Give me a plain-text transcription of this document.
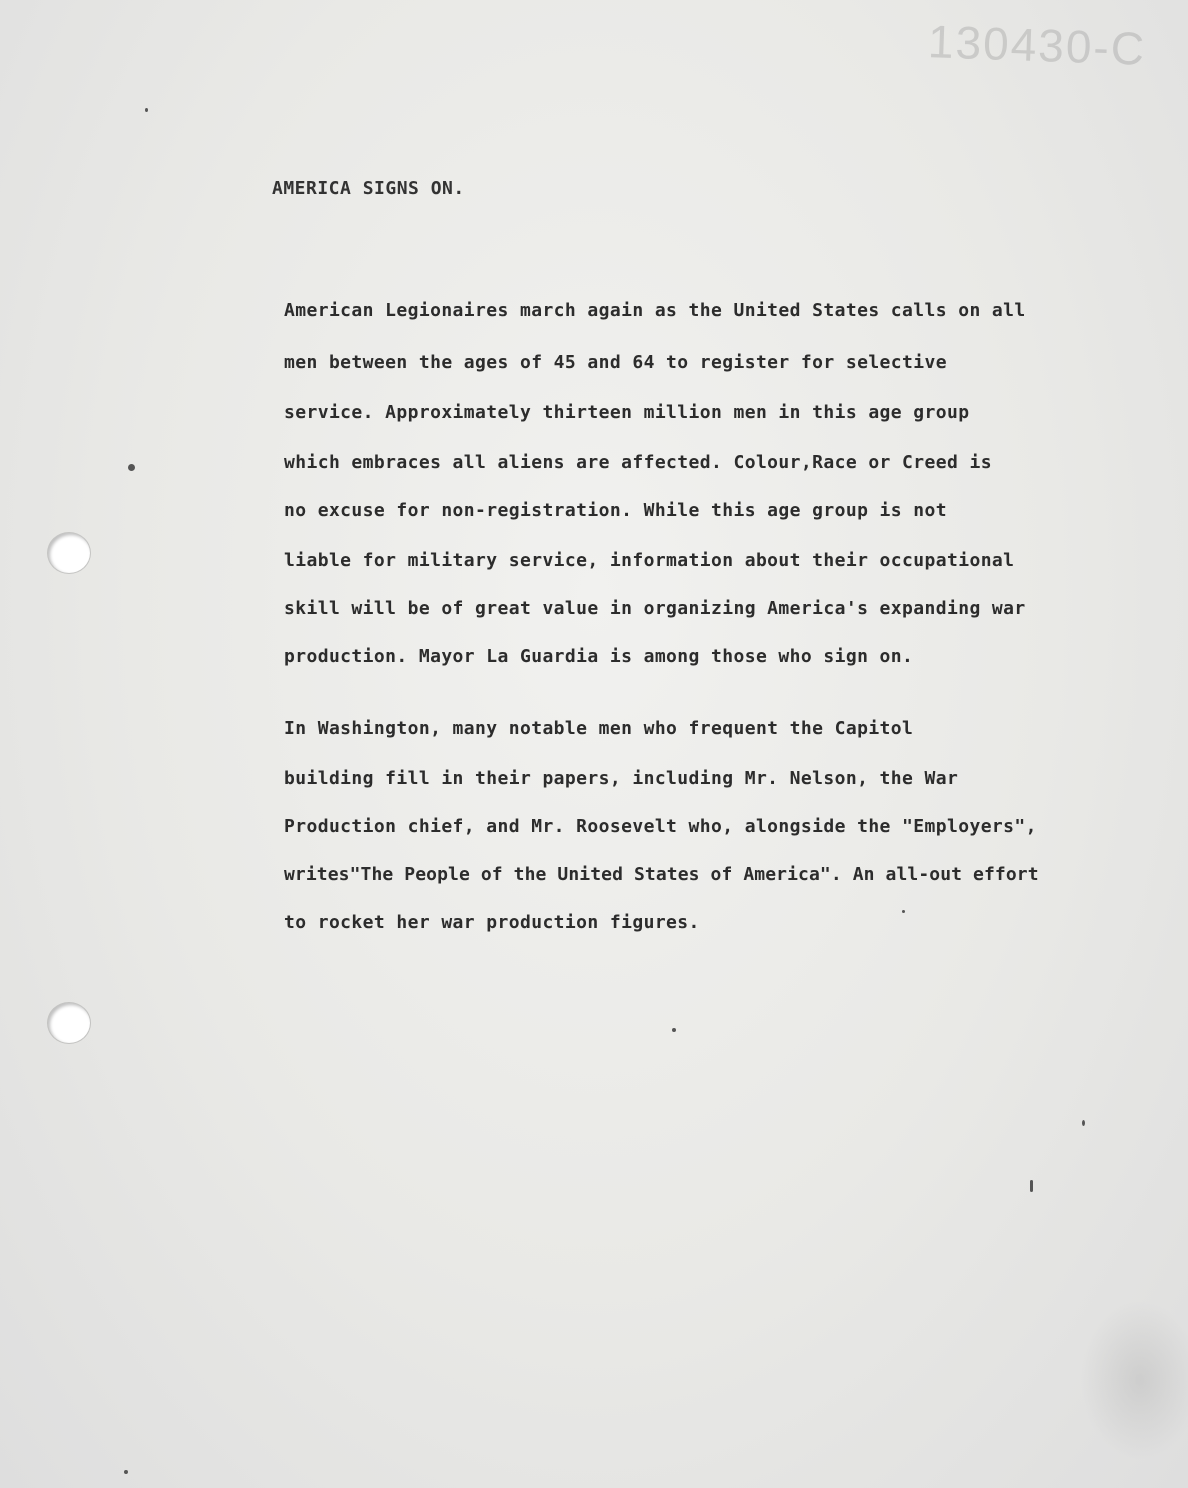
130430-C
AMERICA SIGNS ON.
American Legionaires march again as the United States calls on all
men between the ages of 45 and 64 to register for selective
service. Approximately thirteen million men in this age group
which embraces all aliens are affected. Colour,Race or Creed is
no excuse for non-registration. While this age group is not
liable for military service, information about their occupational
skill will be of great value in organizing America's expanding war
production. Mayor La Guardia is among those who sign on.
In Washington, many notable men who frequent the Capitol
building fill in their papers, including Mr. Nelson, the War
Production chief, and Mr. Roosevelt who, alongside the "Employers",
writes"The People of the United States of America". An all-out effort
to rocket her war production figures.
